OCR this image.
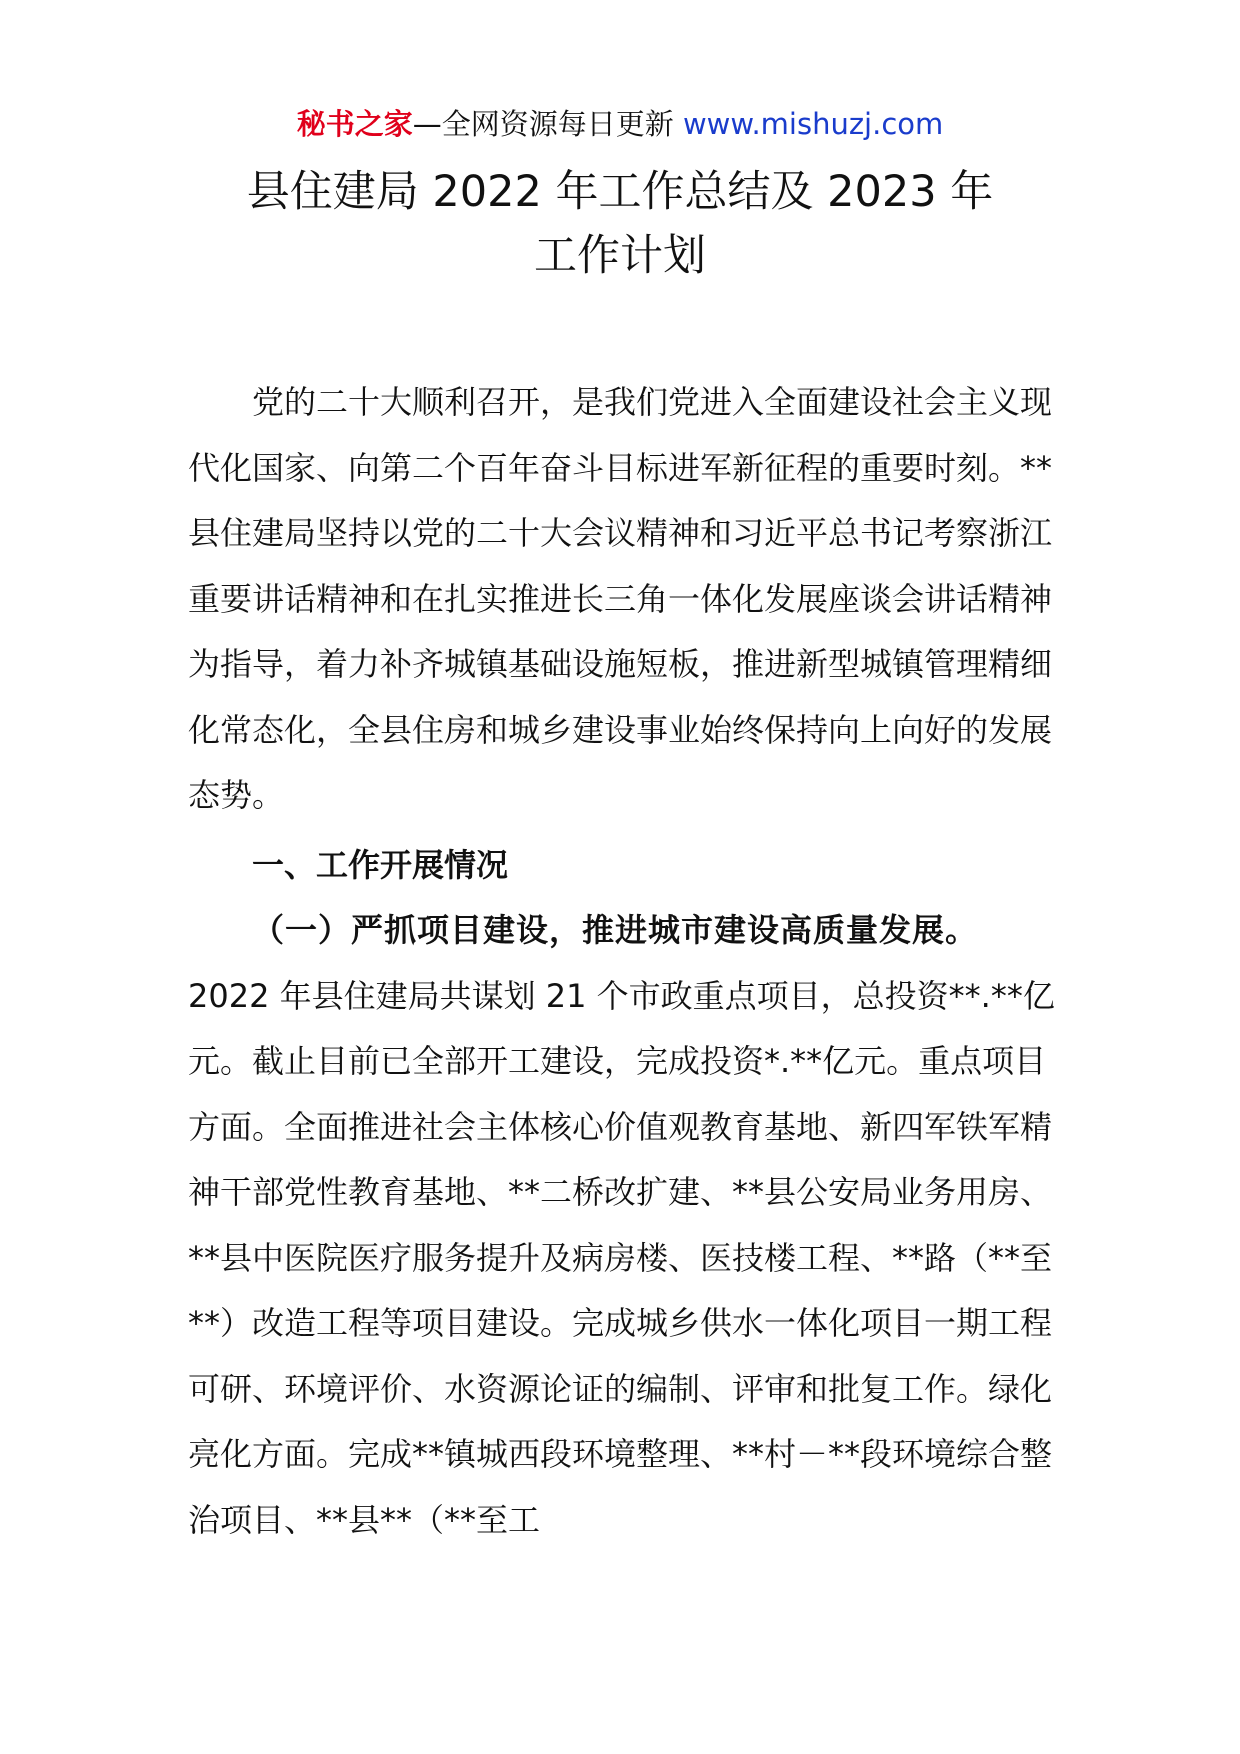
秘书之家—全网资源每日更新 www.mishuzj.com
县住建局 2022 年工作总结及 2023 年
工作计划

党的二十大顺利召开，是我们党进入全面建设社会主义现代化国家、向第二个百年奋斗目标进军新征程的重要时刻。**县住建局坚持以党的二十大会议精神和习近平总书记考察浙江重要讲话精神和在扎实推进长三角一体化发展座谈会讲话精神为指导，着力补齐城镇基础设施短板，推进新型城镇管理精细化常态化，全县住房和城乡建设事业始终保持向上向好的发展态势。

一、工作开展情况

（一）严抓项目建设，推进城市建设高质量发展。2022 年县住建局共谋划 21 个市政重点项目，总投资**.**亿元。截止目前已全部开工建设，完成投资*.**亿元。重点项目方面。全面推进社会主体核心价值观教育基地、新四军铁军精神干部党性教育基地、**二桥改扩建、**县公安局业务用房、**县中医院医疗服务提升及病房楼、医技楼工程、**路（**至**）改造工程等项目建设。完成城乡供水一体化项目一期工程可研、环境评价、水资源论证的编制、评审和批复工作。绿化亮化方面。完成**镇城西段环境整理、**村－**段环境综合整治项目、**县**（**至工
